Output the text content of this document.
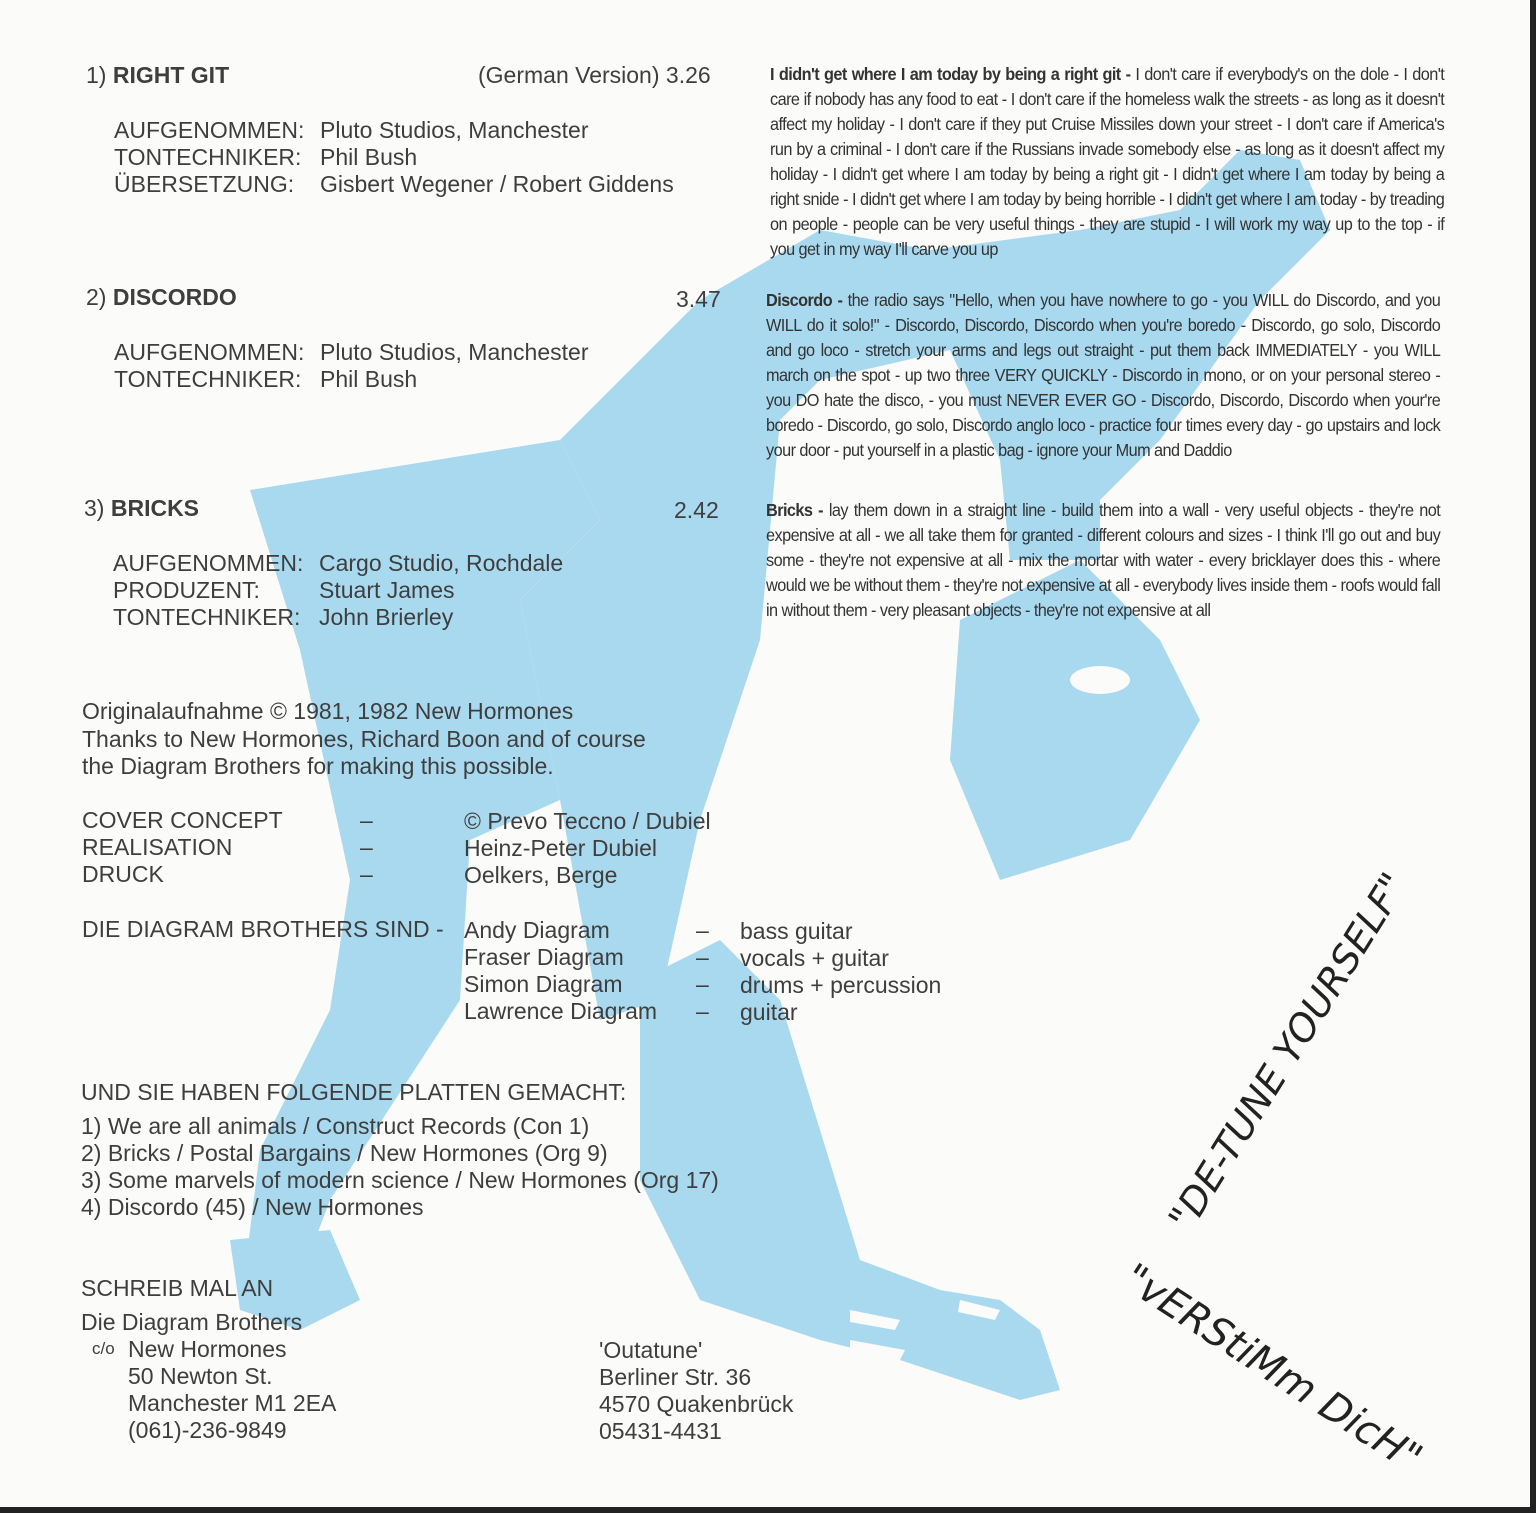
1) RIGHT GIT	(German Version) 3.26
AUFGENOMMEN: Pluto Studios, Manchester
TONTECHNIKER: Phil Bush
ÜBERSETZUNG: Gisbert Wegener / Robert Giddens
2) DISCORDO	3.47
AUFGENOMMEN: Pluto Studios, Manchester
TONTECHNIKER: Phil Bush
3) BRICKS	2.42
AUFGENOMMEN: Cargo Studio, Rochdale
PRODUZENT:	Stuart James
TONTECHNIKER: John Brierley
I didn't get where I am today by being a right git - I don't care if everybody's on the dole - I don't care if nobody has any food to eat - I don't care if the homeless walk the streets - as long as it doesn't affect my holiday - I don't care if they put Cruise Missiles down your street - I don't care if America's run by a criminal - I don't care if the Russians invade somebody else - as long as it doesn't affect my holiday - I didn't get where I am today by being a right git - I didn't get where I am today by being a right snide - I didn't get where I am today by being horrible - I didn't get where I am today - by treading on people - people can be very useful things - they are stupid - I will work my way up to the top - if you get in my way I'll carve you up
Discordo - the radio says "Hello, when you have nowhere to go - you WILL do Discordo, and you WILL do it solo!" - Discordo, Discordo, Discordo when you're boredo - Discordo, go solo, Discordo and go loco - stretch your arms and legs out straight - put them back IMMEDIATELY - you WILL march on the spot - up two three VERY QUICKLY - Discordo in mono, or on your personal stereo - you DO hate the disco, - you must NEVER EVER GO - Discordo, Discordo, Discordo when your're boredo - Discordo, go solo, Discordo anglo loco - practice four times every day - go upstairs and lock your door - put yourself in a plastic bag - ignore your Mum and Daddio
Bricks - lay them down in a straight line - build them into a wall - very useful objects - they're not expensive at all - we all take them for granted - different colours and sizes - I think I'll go out and buy some - they're not expensive at all - mix the mortar with water - every bricklayer does this - where would we be without them - they're not expensive at all - everybody lives inside them - roofs would fall in without them - very pleasant objects - they're not expensive at all
Originalaufnahme © 1981, 1982 New Hormones
Thanks to New Hormones, Richard Boon and of course
the Diagram Brothers for making this possible.
COVER CONCEPT	–	© Prevo Teccno / Dubiel
REALISATION	–	Heinz-Peter Dubiel
DRUCK	–	Oelkers, Berge
DIE DIAGRAM BROTHERS SIND - Andy Diagram	– bass guitar
Fraser Diagram	– vocals + guitar
Simon Diagram	– drums + percussion
Lawrence Diagram – guitar
UND SIE HABEN FOLGENDE PLATTEN GEMACHT:
1) We are all animals / Construct Records (Con 1)
2) Bricks / Postal Bargains / New Hormones (Org 9)
3) Some marvels of modern science / New Hormones (Org 17)
4) Discordo (45) / New Hormones
SCHREIB MAL AN
Die Diagram Brothers
c/o New Hormones
50 Newton St.
Manchester M1 2EA
(061)-236-9849
'Outatune'
Berliner Str. 36
4570 Quakenbrück
05431-4431
"DE-TUNE YOURSELF"
"vERStiMm DicH"
